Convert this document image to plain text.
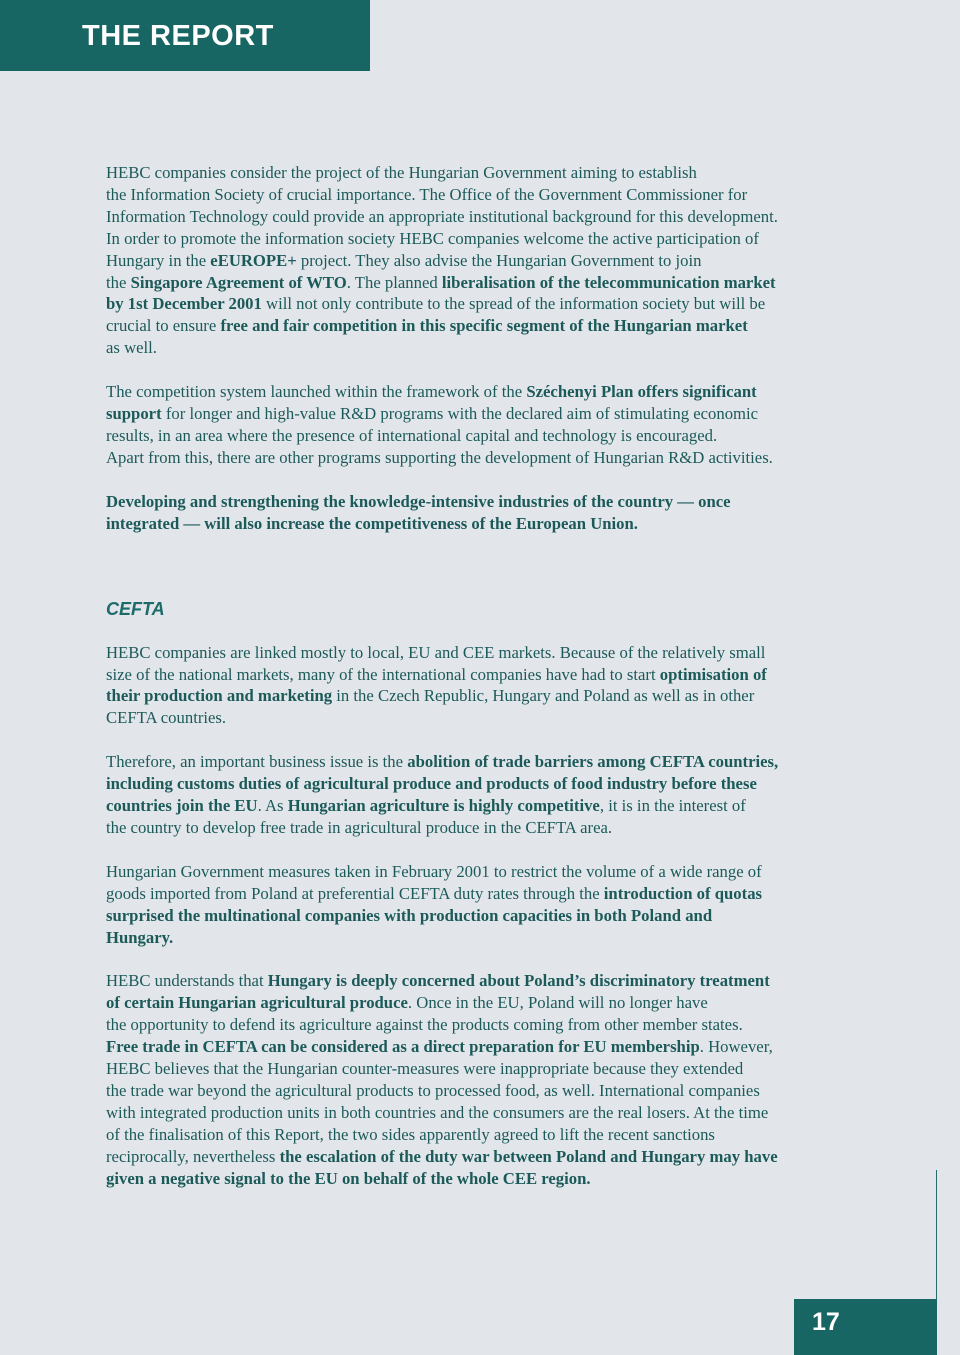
THE REPORT

HEBC companies consider the project of the Hungarian Government aiming to establish
the Information Society of crucial importance. The Office of the Government Commissioner for
Information Technology could provide an appropriate institutional background for this development.
In order to promote the information society HEBC companies welcome the active participation of
Hungary in the eEUROPE+ project. They also advise the Hungarian Government to join
the Singapore Agreement of WTO. The planned liberalisation of the telecommunication market
by 1st December 2001 will not only contribute to the spread of the information society but will be
crucial to ensure free and fair competition in this specific segment of the Hungarian market
as well.

The competition system launched within the framework of the Széchenyi Plan offers significant
support for longer and high-value R&D programs with the declared aim of stimulating economic
results, in an area where the presence of international capital and technology is encouraged.
Apart from this, there are other programs supporting the development of Hungarian R&D activities.

Developing and strengthening the knowledge-intensive industries of the country — once
integrated — will also increase the competitiveness of the European Union.

CEFTA

HEBC companies are linked mostly to local, EU and CEE markets. Because of the relatively small
size of the national markets, many of the international companies have had to start optimisation of
their production and marketing in the Czech Republic, Hungary and Poland as well as in other
CEFTA countries.

Therefore, an important business issue is the abolition of trade barriers among CEFTA countries,
including customs duties of agricultural produce and products of food industry before these
countries join the EU. As Hungarian agriculture is highly competitive, it is in the interest of
the country to develop free trade in agricultural produce in the CEFTA area.

Hungarian Government measures taken in February 2001 to restrict the volume of a wide range of
goods imported from Poland at preferential CEFTA duty rates through the introduction of quotas
surprised the multinational companies with production capacities in both Poland and
Hungary.

HEBC understands that Hungary is deeply concerned about Poland’s discriminatory treatment
of certain Hungarian agricultural produce. Once in the EU, Poland will no longer have
the opportunity to defend its agriculture against the products coming from other member states.
Free trade in CEFTA can be considered as a direct preparation for EU membership. However,
HEBC believes that the Hungarian counter-measures were inappropriate because they extended
the trade war beyond the agricultural products to processed food, as well. International companies
with integrated production units in both countries and the consumers are the real losers. At the time
of the finalisation of this Report, the two sides apparently agreed to lift the recent sanctions
reciprocally, nevertheless the escalation of the duty war between Poland and Hungary may have
given a negative signal to the EU on behalf of the whole CEE region.

17
